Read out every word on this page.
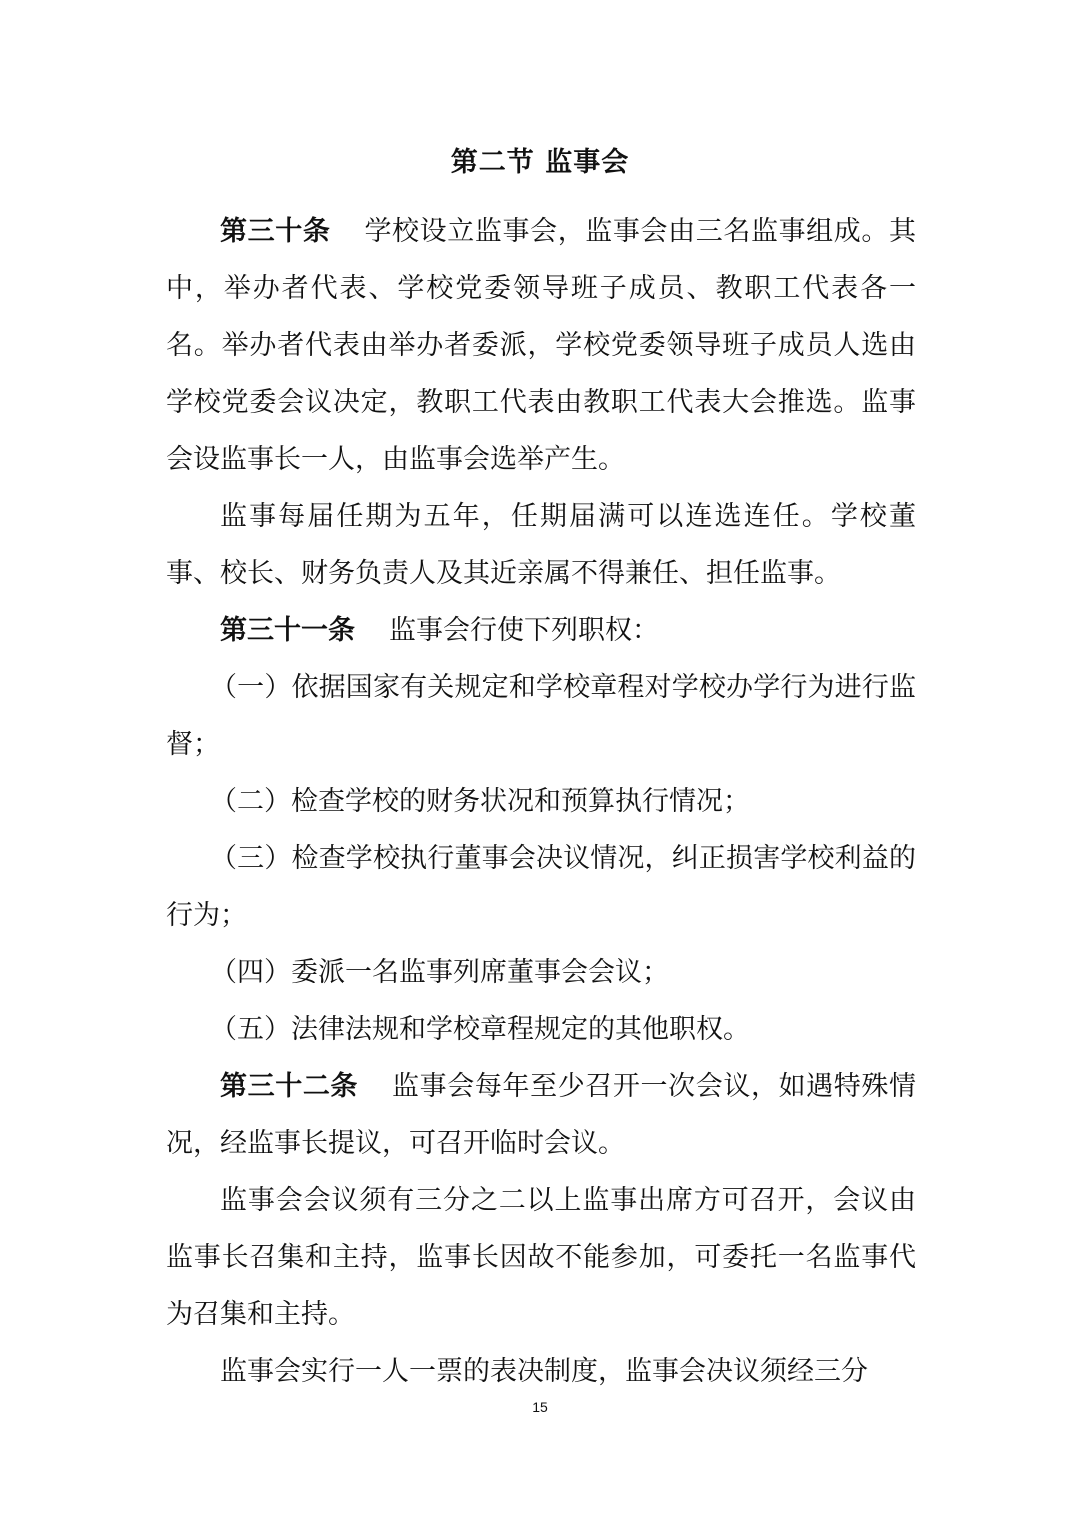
第二节 监事会

第三十条 学校设立监事会，监事会由三名监事组成。其中，举办者代表、学校党委领导班子成员、教职工代表各一名。举办者代表由举办者委派，学校党委领导班子成员人选由学校党委会议决定，教职工代表由教职工代表大会推选。监事会设监事长一人，由监事会选举产生。

监事每届任期为五年，任期届满可以连选连任。学校董事、校长、财务负责人及其近亲属不得兼任、担任监事。

第三十一条 监事会行使下列职权：

（一）依据国家有关规定和学校章程对学校办学行为进行监督；

（二）检查学校的财务状况和预算执行情况；

（三）检查学校执行董事会决议情况，纠正损害学校利益的行为；

（四）委派一名监事列席董事会会议；

（五）法律法规和学校章程规定的其他职权。

第三十二条 监事会每年至少召开一次会议，如遇特殊情况，经监事长提议，可召开临时会议。

监事会会议须有三分之二以上监事出席方可召开，会议由监事长召集和主持，监事长因故不能参加，可委托一名监事代为召集和主持。

监事会实行一人一票的表决制度，监事会决议须经三分

15
